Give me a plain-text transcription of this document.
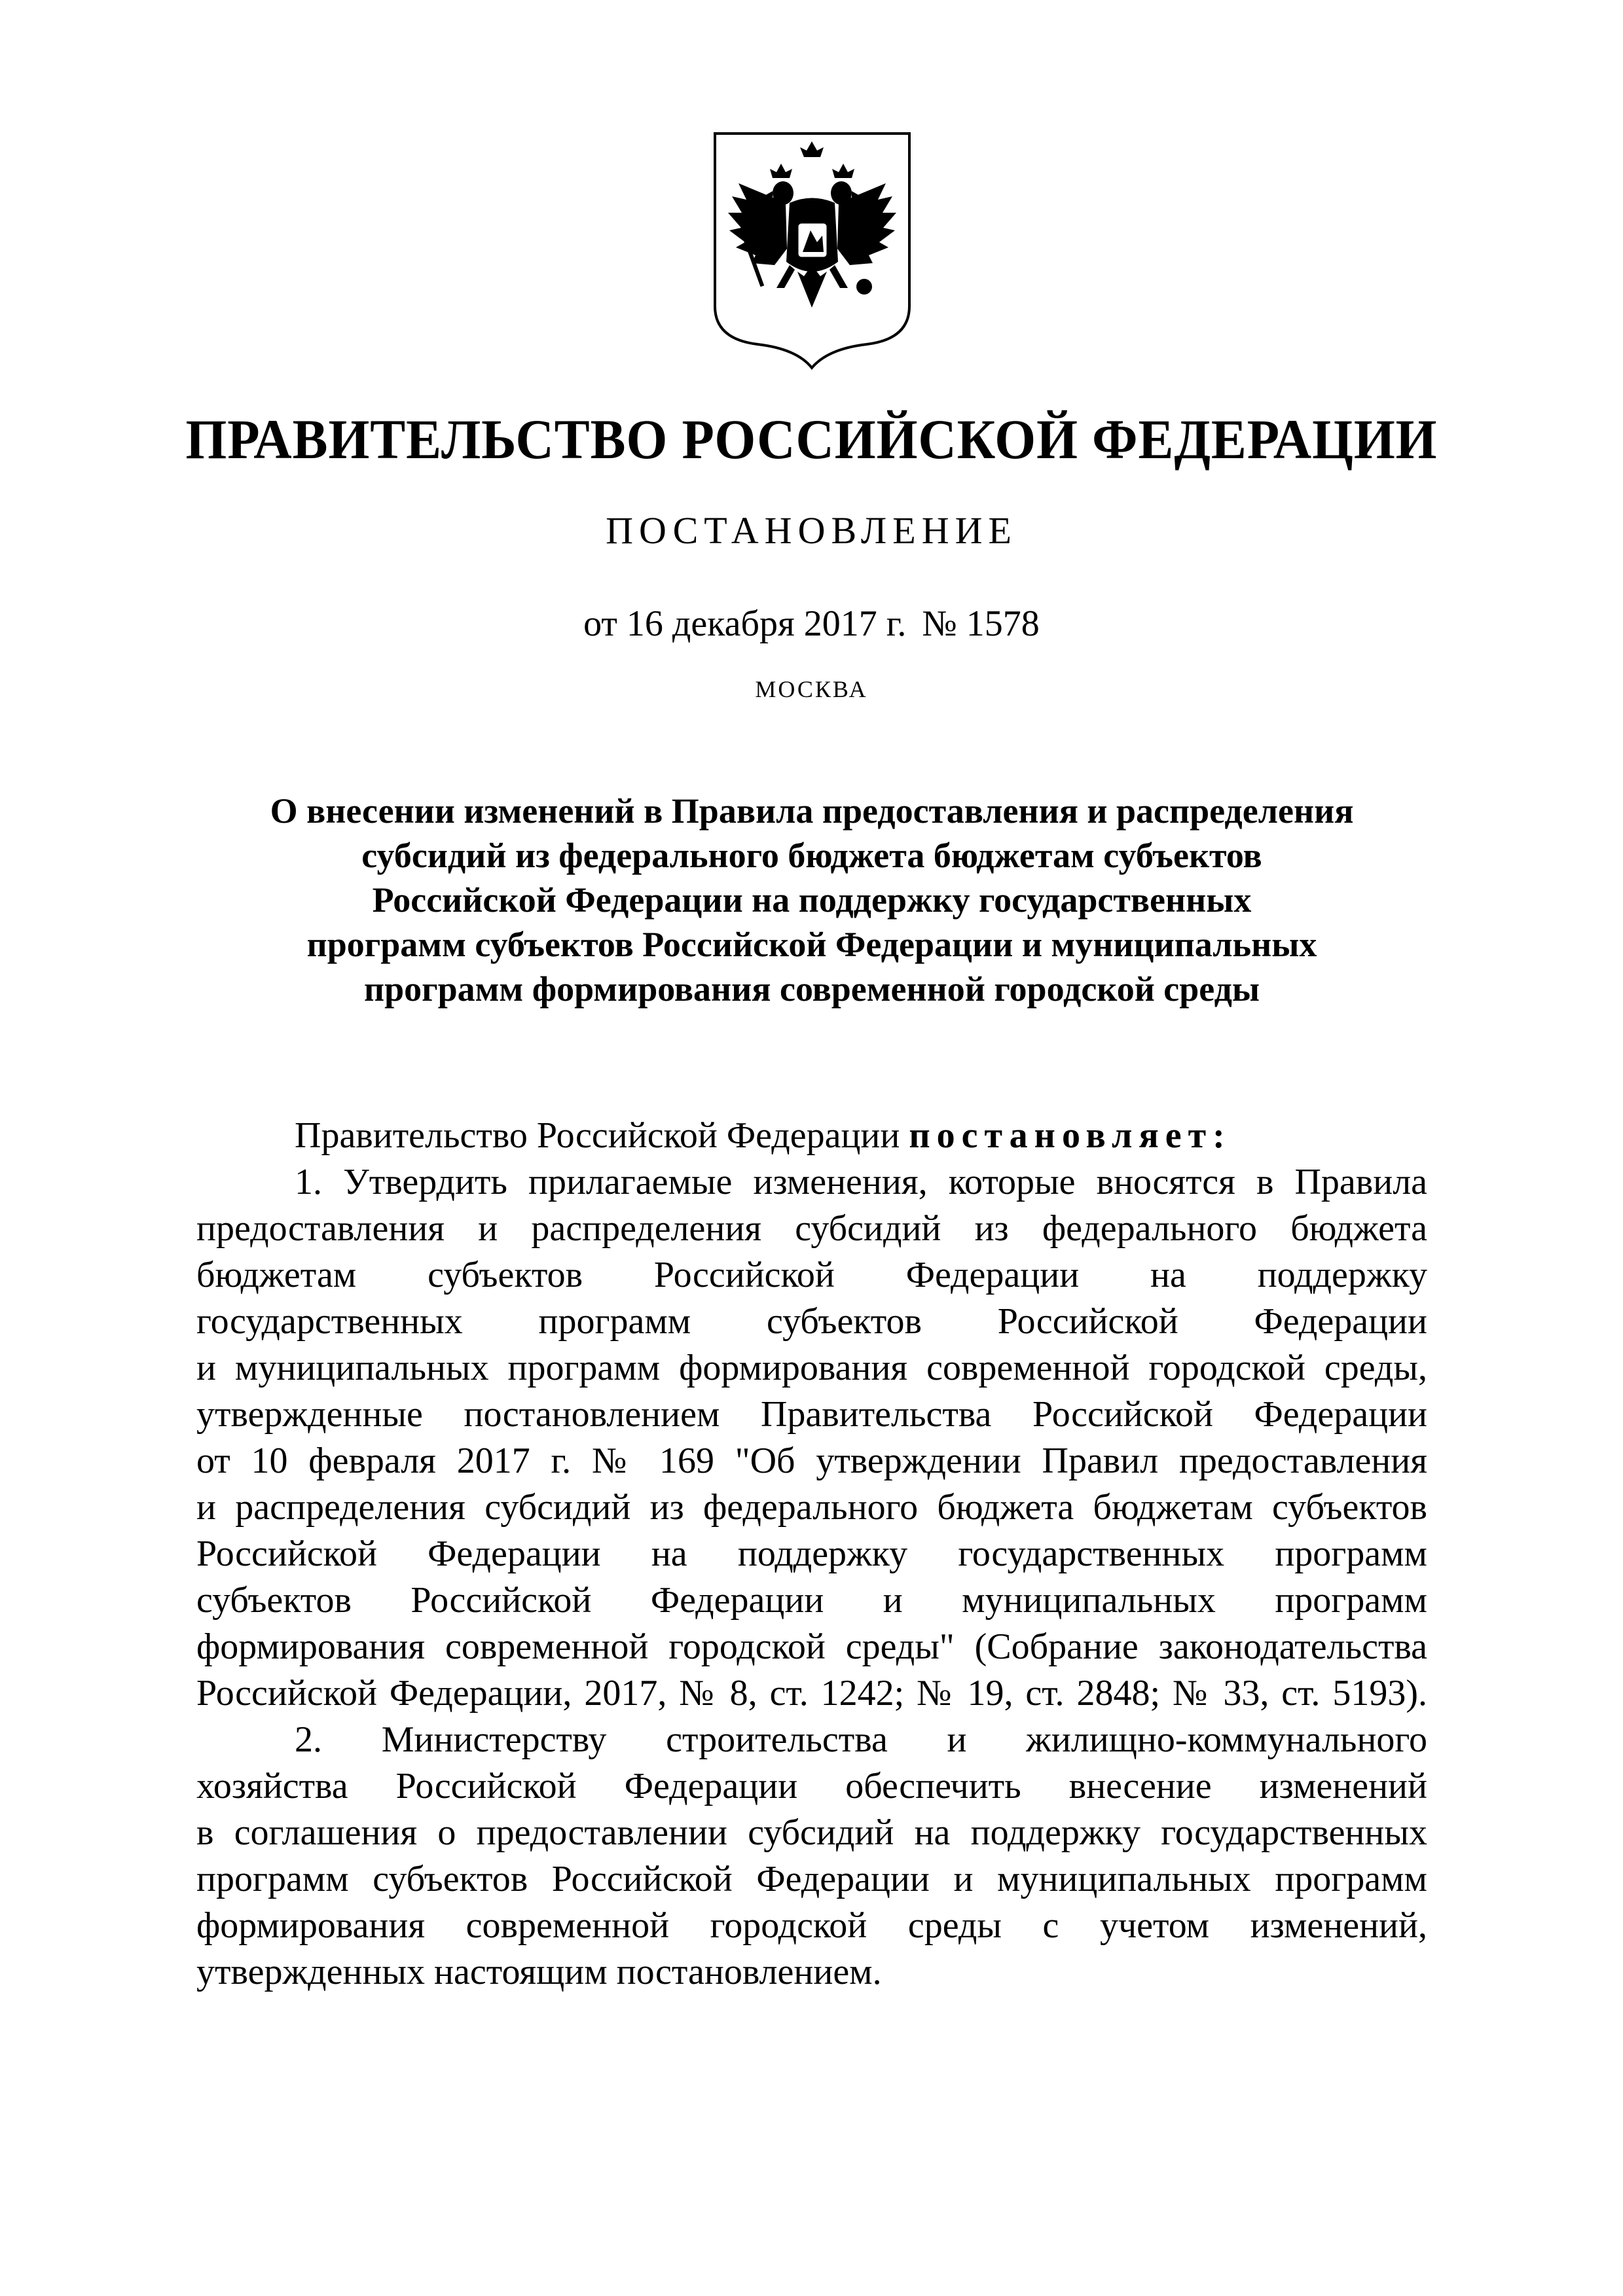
ПРАВИТЕЛЬСТВО РОССИЙСКОЙ ФЕДЕРАЦИИ
ПОСТАНОВЛЕНИЕ
от 16 декабря 2017 г. № 1578
МОСКВА
О внесении изменений в Правила предоставления и распределения
субсидий из федерального бюджета бюджетам субъектов
Российской Федерации на поддержку государственных
программ субъектов Российской Федерации и муниципальных
программ формирования современной городской среды
Правительство Российской Федерации постановляет:
1. Утвердить прилагаемые изменения, которые вносятся в Правила
предоставления и распределения субсидий из федерального бюджета
бюджетам субъектов Российской Федерации на поддержку
государственных программ субъектов Российской Федерации
и муниципальных программ формирования современной городской среды,
утвержденные постановлением Правительства Российской Федерации
от 10 февраля 2017 г. № 169 "Об утверждении Правил предоставления
и распределения субсидий из федерального бюджета бюджетам субъектов
Российской Федерации на поддержку государственных программ
субъектов Российской Федерации и муниципальных программ
формирования современной городской среды" (Собрание законодательства
Российской Федерации, 2017, № 8, ст. 1242; № 19, ст. 2848; № 33, ст. 5193).
2. Министерству строительства и жилищно-коммунального
хозяйства Российской Федерации обеспечить внесение изменений
в соглашения о предоставлении субсидий на поддержку государственных
программ субъектов Российской Федерации и муниципальных программ
формирования современной городской среды с учетом изменений,
утвержденных настоящим постановлением.
